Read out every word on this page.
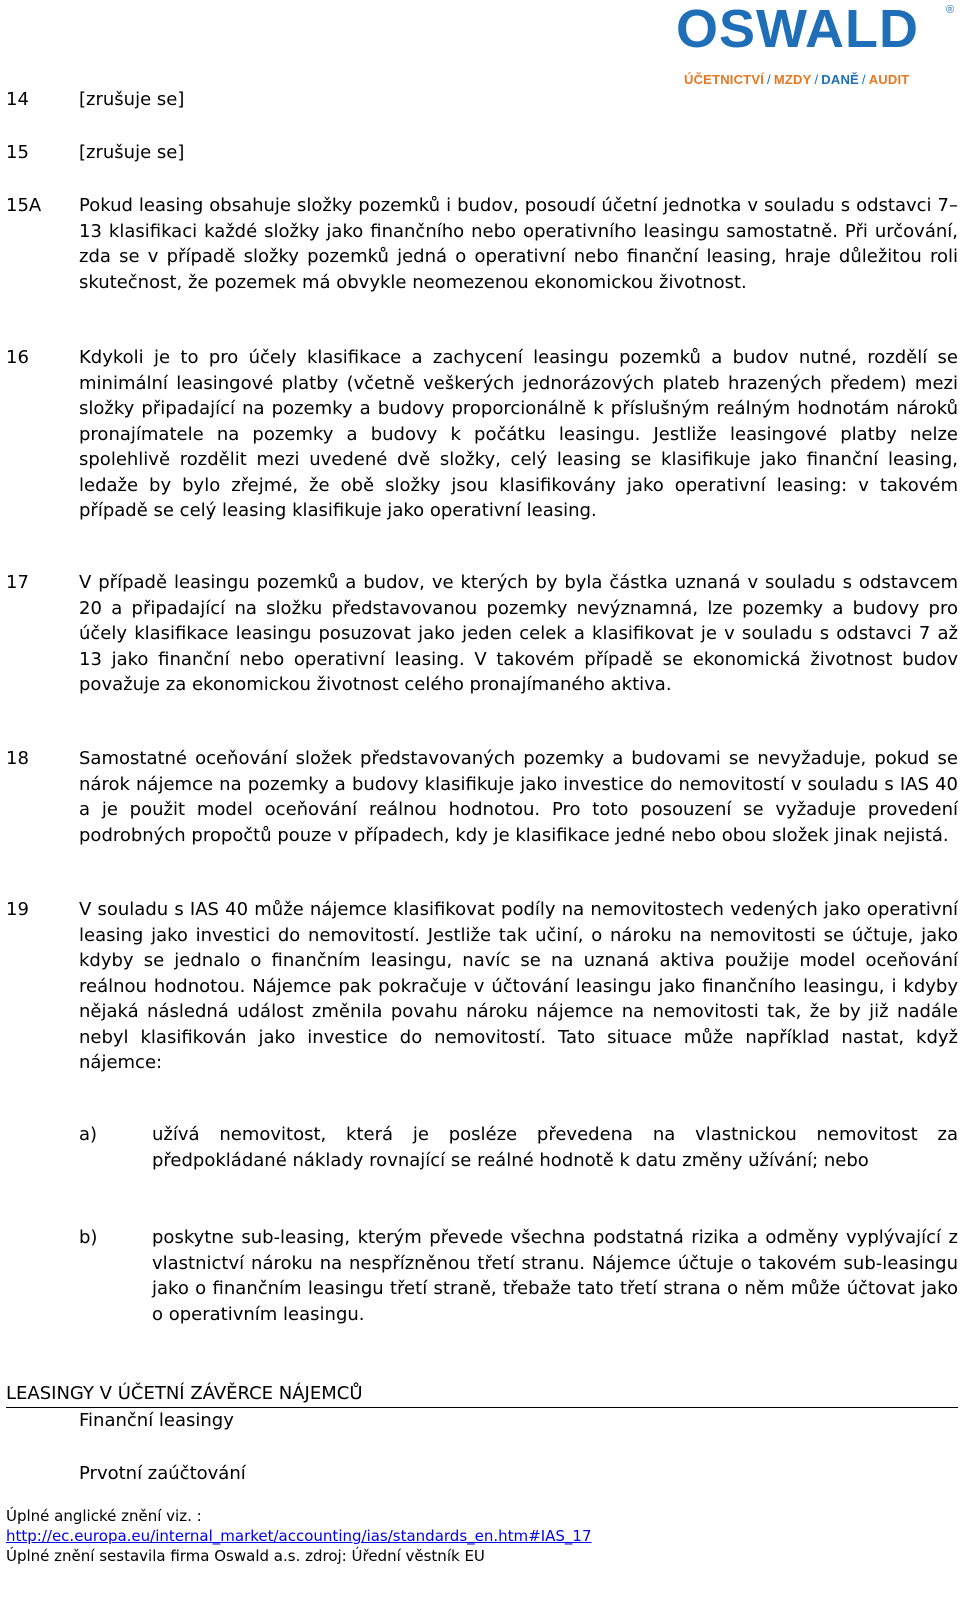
OSWALD ®
ÚČETNICTVÍ / MZDY / DANĚ / AUDIT
14	[zrušuje se]
15	[zrušuje se]
15A Pokud leasing obsahuje složky pozemků i budov, posoudí účetní jednotka v souladu s odstavci 7–13 klasifikaci každé složky jako finančního nebo operativního leasingu samostatně. Při určování, zda se v případě složky pozemků jedná o operativní nebo finanční leasing, hraje důležitou roli skutečnost, že pozemek má obvykle neomezenou ekonomickou životnost.
16	Kdykoli je to pro účely klasifikace a zachycení leasingu pozemků a budov nutné, rozdělí se minimální leasingové platby (včetně veškerých jednorázových plateb hrazených předem) mezi složky připadající na pozemky a budovy proporcionálně k příslušným reálným hodnotám nároků pronajímatele na pozemky a budovy k počátku leasingu. Jestliže leasingové platby nelze spolehlivě rozdělit mezi uvedené dvě složky, celý leasing se klasifikuje jako finanční leasing, ledaže by bylo zřejmé, že obě složky jsou klasifikovány jako operativní leasing: v takovém případě se celý leasing klasifikuje jako operativní leasing.
17	V případě leasingu pozemků a budov, ve kterých by byla částka uznaná v souladu s odstavcem 20 a připadající na složku představovanou pozemky nevýznamná, lze pozemky a budovy pro účely klasifikace leasingu posuzovat jako jeden celek a klasifikovat je v souladu s odstavci 7 až 13 jako finanční nebo operativní leasing. V takovém případě se ekonomická životnost budov považuje za ekonomickou životnost celého pronajímaného aktiva.
18	Samostatné oceňování složek představovaných pozemky a budovami se nevyžaduje, pokud se nárok nájemce na pozemky a budovy klasifikuje jako investice do nemovitostí v souladu s IAS 40 a je použit model oceňování reálnou hodnotou. Pro toto posouzení se vyžaduje provedení podrobných propočtů pouze v případech, kdy je klasifikace jedné nebo obou složek jinak nejistá.
19	V souladu s IAS 40 může nájemce klasifikovat podíly na nemovitostech vedených jako operativní leasing jako investici do nemovitostí. Jestliže tak učiní, o nároku na nemovitosti se účtuje, jako kdyby se jednalo o finančním leasingu, navíc se na uznaná aktiva použije model oceňování reálnou hodnotou. Nájemce pak pokračuje v účtování leasingu jako finančního leasingu, i kdyby nějaká následná událost změnila povahu nároku nájemce na nemovitosti tak, že by již nadále nebyl klasifikován jako investice do nemovitostí. Tato situace může například nastat, když nájemce:
a)	užívá nemovitost, která je posléze převedena na vlastnickou nemovitost za předpokládané náklady rovnající se reálné hodnotě k datu změny užívání; nebo
b)	poskytne sub-leasing, kterým převede všechna podstatná rizika a odměny vyplývající z vlastnictví nároku na nespřízněnou třetí stranu. Nájemce účtuje o takovém sub-leasingu jako o finančním leasingu třetí straně, třebaže tato třetí strana o něm může účtovat jako o operativním leasingu.
LEASINGY V ÚČETNÍ ZÁVĚRCE NÁJEMCŮ
Finanční leasingy
Prvotní zaúčtování
Úplné anglické znění viz. :
http://ec.europa.eu/internal_market/accounting/ias/standards_en.htm#IAS_17
Úplné znění sestavila firma Oswald a.s. zdroj: Úřední věstník EU
